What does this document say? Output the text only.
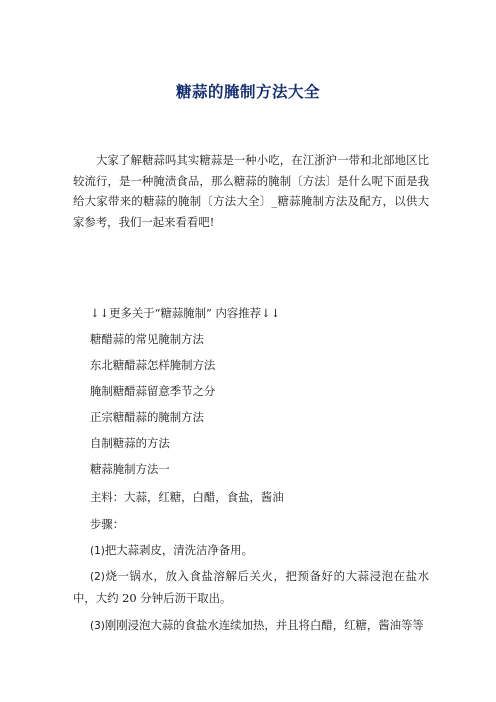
糖蒜的腌制方法大全

大家了解糖蒜吗其实糖蒜是一种小吃，在江浙沪一带和北部地区比较流行，是一种腌渍食品，那么糖蒜的腌制〔方法〕是什么呢下面是我给大家带来的糖蒜的腌制〔方法大全〕_糖蒜腌制方法及配方，以供大家参考，我们一起来看看吧!

↓↓更多关于“糖蒜腌制” 内容推荐↓↓

糖醋蒜的常见腌制方法

东北糖醋蒜怎样腌制方法

腌制糖醋蒜留意季节之分

正宗糖醋蒜的腌制方法

自制糖蒜的方法

糖蒜腌制方法一

主料：大蒜，红糖，白醋，食盐，酱油

步骤：

(1)把大蒜剥皮，清洗洁净备用。

(2)烧一锅水，放入食盐溶解后关火，把预备好的大蒜浸泡在盐水中，大约 20 分钟后沥干取出。

(3)刚刚浸泡大蒜的食盐水连续加热，并且将白醋，红糖，酱油等等
